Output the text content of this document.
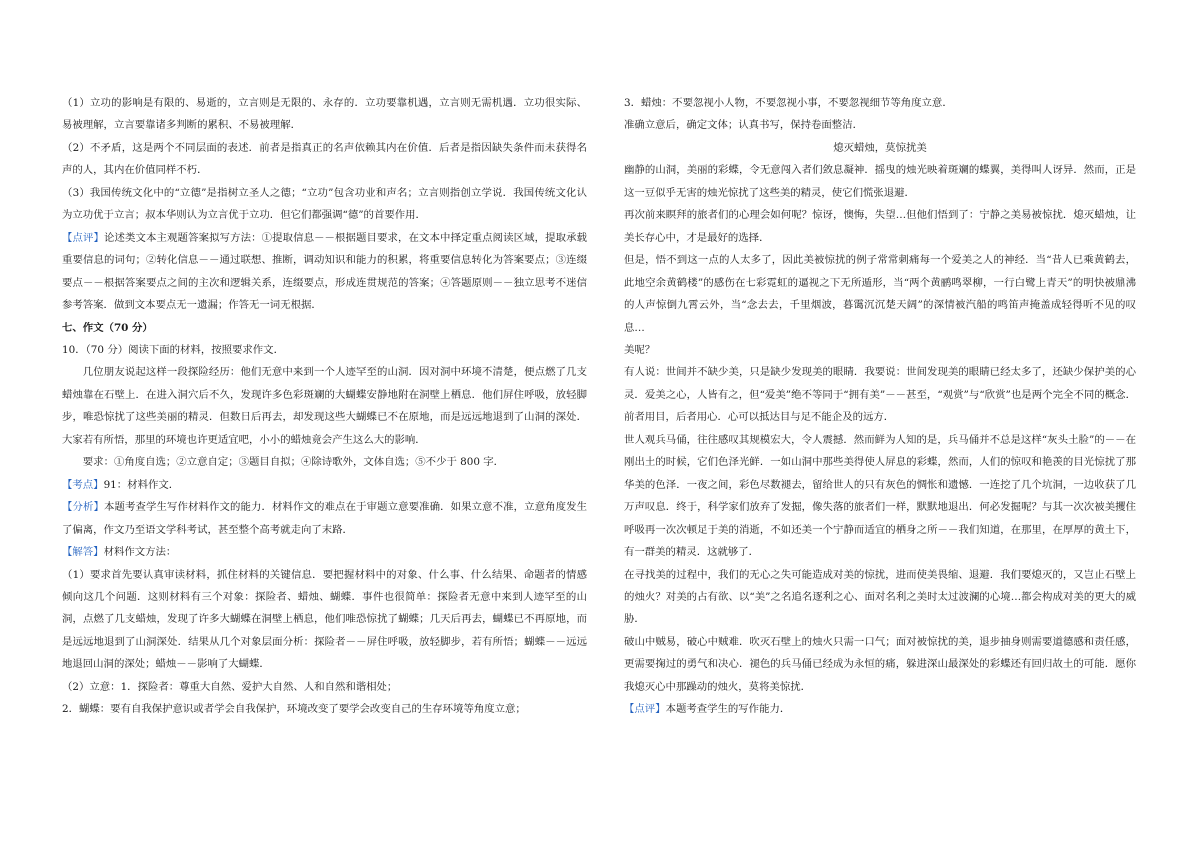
（1）立功的影响是有限的、易逝的，立言则是无限的、永存的．立功要靠机遇，立言则无需机遇．立功很实际、易被理解，立言要靠诸多判断的累积、不易被理解．

（2）不矛盾，这是两个不同层面的表述．前者是指真正的名声依赖其内在价值．后者是指因缺失条件而未获得名声的人，其内在价值同样不朽．

（3）我国传统文化中的“立德”是指树立圣人之德；“立功”包含功业和声名；立言则指创立学说．我国传统文化认为立功优于立言；叔本华则认为立言优于立功．但它们都强调“德”的首要作用．

【点评】论述类文本主观题答案拟写方法：①提取信息－－根据题目要求，在文本中择定重点阅读区域，提取承载重要信息的词句；②转化信息－－通过联想、推断，调动知识和能力的积累，将重要信息转化为答案要点；③连缀要点－－根据答案要点之间的主次和逻辑关系，连缀要点，形成连贯规范的答案；④答题原则－－独立思考不迷信参考答案．做到文本要点无一遗漏；作答无一词无根据．

七、作文（70 分）

10．（70 分）阅读下面的材料，按照要求作文．

几位朋友说起这样一段探险经历：他们无意中来到一个人迹罕至的山洞．因对洞中环境不清楚，便点燃了几支蜡烛靠在石壁上．在进入洞穴后不久，发现许多色彩斑斓的大蝴蝶安静地附在洞壁上栖息．他们屏住呼吸，放轻脚步，唯恐惊扰了这些美丽的精灵．但数日后再去，却发现这些大蝴蝶已不在原地，而是远远地退到了山洞的深处．大家若有所悟，那里的环境也许更适宜吧，小小的蜡烛竟会产生这么大的影响．

要求：①角度自选；②立意自定；③题目自拟；④除诗歌外，文体自选；⑤不少于 800 字．

【考点】91：材料作文．

【分析】本题考查学生写作材料作文的能力．材料作文的难点在于审题立意要准确．如果立意不准，立意角度发生了偏离，作文乃至语文学科考试，甚至整个高考就走向了末路．

【解答】材料作文方法：

（1）要求首先要认真审读材料，抓住材料的关键信息．要把握材料中的对象、什么事、什么结果、命题者的情感倾向这几个问题．这则材料有三个对象：探险者、蜡烛、蝴蝶．事件也很简单：探险者无意中来到人迹罕至的山洞，点燃了几支蜡烛，发现了许多大蝴蝶在洞壁上栖息，他们唯恐惊扰了蝴蝶；几天后再去，蝴蝶已不再原地，而是远远地退到了山洞深处．结果从几个对象层面分析：探险者－－屏住呼吸，放轻脚步，若有所悟；蝴蝶－－远远地退回山洞的深处；蜡烛－－影响了大蝴蝶．

（2）立意：1．探险者：尊重大自然、爱护大自然、人和自然和谐相处；

2．蝴蝶：要有自我保护意识或者学会自我保护，环境改变了要学会改变自己的生存环境等角度立意；

3．蜡烛：不要忽视小人物，不要忽视小事，不要忽视细节等角度立意．

准确立意后，确定文体；认真书写，保持卷面整洁．

熄灭蜡烛，莫惊扰美

幽静的山洞，美丽的彩蝶，令无意闯入者们敛息凝神．摇曳的烛光映着斑斓的蝶翼，美得叫人讶异．然而，正是这一豆似乎无害的烛光惊扰了这些美的精灵，使它们慌张退避．

再次前来瞑拜的旅者们的心理会如何呢？惊讶，懊悔，失望…但他们悟到了：宁静之美易被惊扰．熄灭蜡烛，让美长存心中，才是最好的选择．

但是，悟不到这一点的人太多了，因此美被惊扰的例子常常刺痛每一个爱美之人的神经．当“昔人已乘黄鹤去，此地空余黄鹤楼”的感伤在七彩霓虹的逼视之下无所遁形，当“两个黄鹂鸣翠柳，一行白鹭上青天”的明快被鼎沸的人声惊倒九霄云外，当“念去去，千里烟波，暮霭沉沉楚天阔”的深情被汽船的鸣笛声掩盖成轻得听不见的叹息…

美呢？

有人说：世间并不缺少美，只是缺少发现美的眼睛．我要说：世间发现美的眼睛已经太多了，还缺少保护美的心灵．爱美之心，人皆有之，但“爱美”绝不等同于“拥有美”－－甚至，“观赏”与“欣赏”也是两个完全不同的概念．前者用目，后者用心．心可以抵达目与足不能企及的远方．

世人观兵马俑，往往感叹其规模宏大，令人震撼．然而鲜为人知的是，兵马俑并不总是这样“灰头土脸”的－－在刚出土的时候，它们色泽光鲜．一如山洞中那些美得使人屏息的彩蝶，然而，人们的惊叹和艳羡的目光惊扰了那华美的色泽．一夜之间，彩色尽数褪去，留给世人的只有灰色的惆怅和遗憾．一连挖了几个坑洞，一边收获了几万声叹息．终于，科学家们放弃了发掘，像失落的旅者们一样，默默地退出．何必发掘呢？与其一次次被美攫住呼吸再一次次顿足于美的消逝，不如还美一个宁静而适宜的栖身之所－－我们知道，在那里，在厚厚的黄土下，有一群美的精灵．这就够了．

在寻找美的过程中，我们的无心之失可能造成对美的惊扰，进而使美畏缩、退避．我们要熄灭的，又岂止石壁上的烛火？对美的占有欲、以“美”之名追名逐利之心、面对名利之美时太过波澜的心境…都会构成对美的更大的威胁．

破山中贼易，破心中贼难．吹灭石壁上的烛火只需一口气；面对被惊扰的美，退步抽身则需要道德感和责任感，更需要掬过的勇气和决心．褪色的兵马俑已经成为永恒的痛，躲进深山最深处的彩蝶还有回归故土的可能．愿你我熄灭心中那躁动的烛火，莫将美惊扰．

【点评】本题考查学生的写作能力．
